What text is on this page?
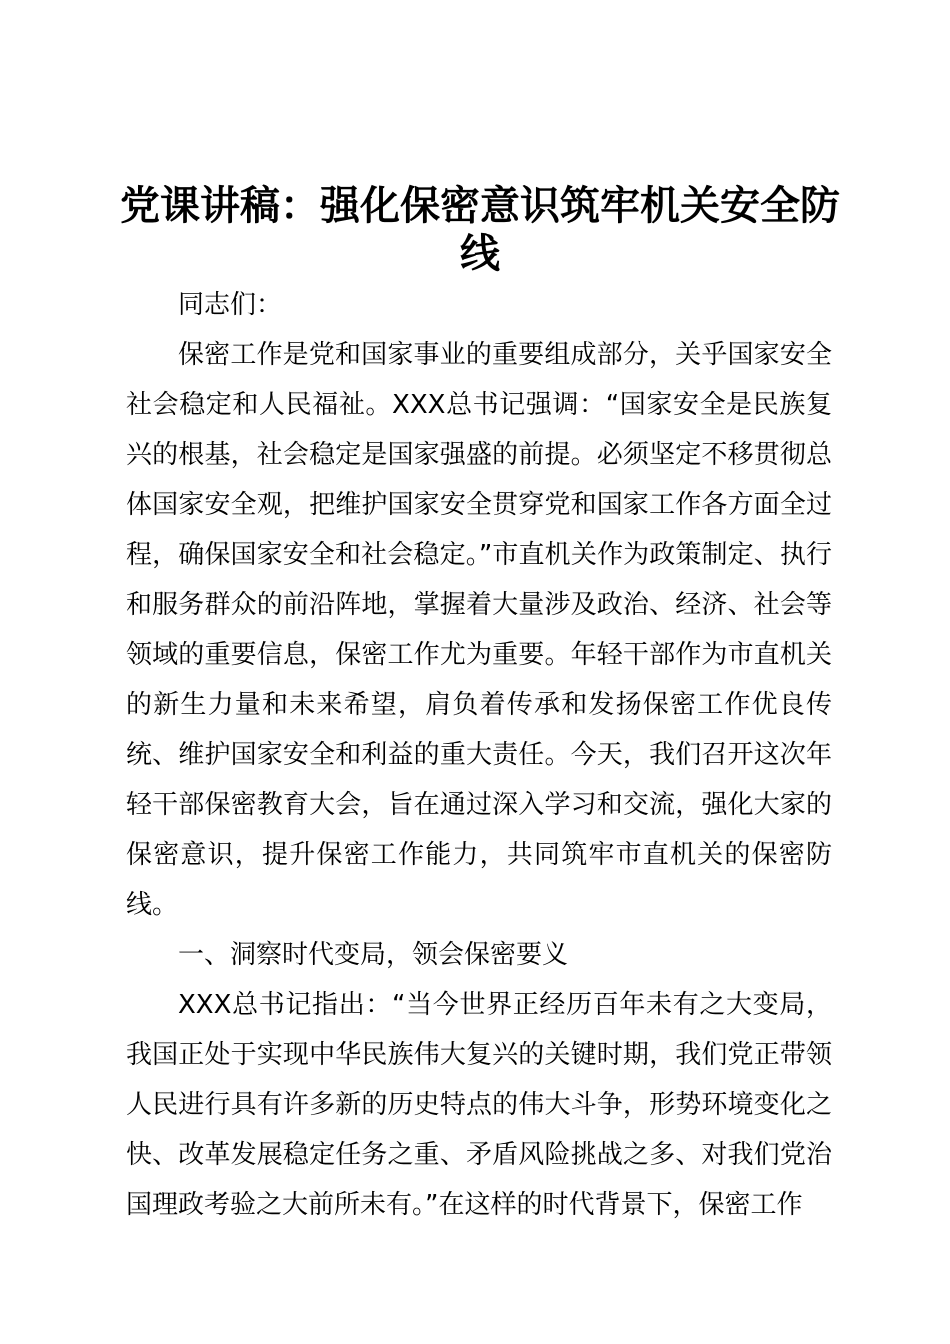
党课讲稿：强化保密意识筑牢机关安全防线

同志们：

保密工作是党和国家事业的重要组成部分，关乎国家安全社会稳定和人民福祉。XXX总书记强调：“国家安全是民族复兴的根基，社会稳定是国家强盛的前提。必须坚定不移贯彻总体国家安全观，把维护国家安全贯穿党和国家工作各方面全过程，确保国家安全和社会稳定。”市直机关作为政策制定、执行和服务群众的前沿阵地，掌握着大量涉及政治、经济、社会等领域的重要信息，保密工作尤为重要。年轻干部作为市直机关的新生力量和未来希望，肩负着传承和发扬保密工作优良传统、维护国家安全和利益的重大责任。今天，我们召开这次年轻干部保密教育大会，旨在通过深入学习和交流，强化大家的保密意识，提升保密工作能力，共同筑牢市直机关的保密防线。

一、洞察时代变局，领会保密要义

XXX总书记指出：“当今世界正经历百年未有之大变局，我国正处于实现中华民族伟大复兴的关键时期，我们党正带领人民进行具有许多新的历史特点的伟大斗争，形势环境变化之快、改革发展稳定任务之重、矛盾风险挑战之多、对我们党治国理政考验之大前所未有。”在这样的时代背景下，保密工作
